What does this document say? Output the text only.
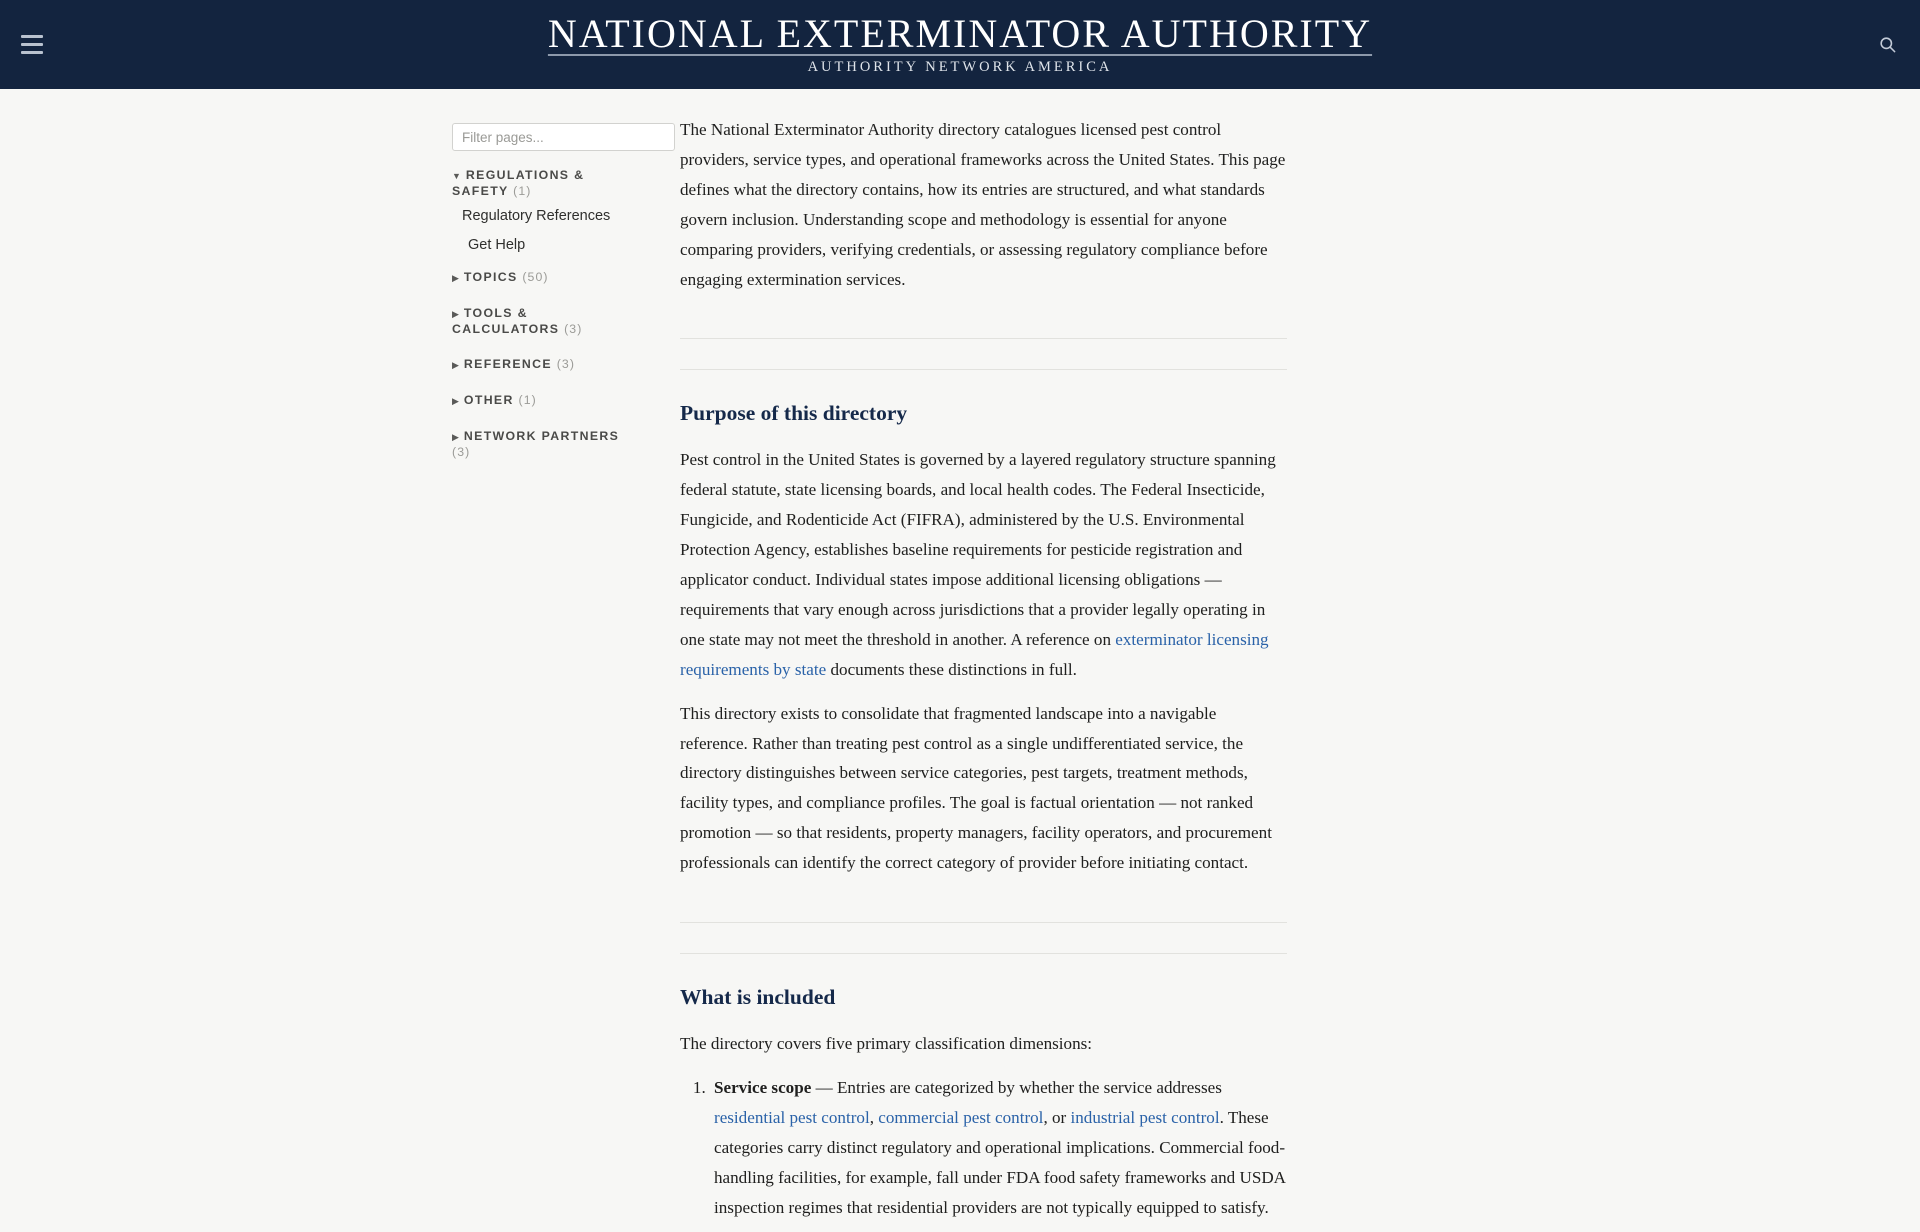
NATIONAL EXTERMINATOR AUTHORITY
AUTHORITY NETWORK AMERICA
Filter pages...
▼ REGULATIONS & SAFETY (1)
Regulatory References
Get Help
▶ TOPICS (50)
▶ TOOLS & CALCULATORS (3)
▶ REFERENCE (3)
▶ OTHER (1)
▶ NETWORK PARTNERS (3)

The National Exterminator Authority directory catalogues licensed pest control providers, service types, and operational frameworks across the United States. This page defines what the directory contains, how its entries are structured, and what standards govern inclusion. Understanding scope and methodology is essential for anyone comparing providers, verifying credentials, or assessing regulatory compliance before engaging extermination services.

Purpose of this directory

Pest control in the United States is governed by a layered regulatory structure spanning federal statute, state licensing boards, and local health codes. The Federal Insecticide, Fungicide, and Rodenticide Act (FIFRA), administered by the U.S. Environmental Protection Agency, establishes baseline requirements for pesticide registration and applicator conduct. Individual states impose additional licensing obligations — requirements that vary enough across jurisdictions that a provider legally operating in one state may not meet the threshold in another. A reference on exterminator licensing requirements by state documents these distinctions in full.

This directory exists to consolidate that fragmented landscape into a navigable reference. Rather than treating pest control as a single undifferentiated service, the directory distinguishes between service categories, pest targets, treatment methods, facility types, and compliance profiles. The goal is factual orientation — not ranked promotion — so that residents, property managers, facility operators, and procurement professionals can identify the correct category of provider before initiating contact.

What is included

The directory covers five primary classification dimensions:

1. Service scope — Entries are categorized by whether the service addresses residential pest control, commercial pest control, or industrial pest control. These categories carry distinct regulatory and operational implications. Commercial food-handling facilities, for example, fall under FDA food safety frameworks and USDA inspection regimes that residential providers are not typically equipped to satisfy.
